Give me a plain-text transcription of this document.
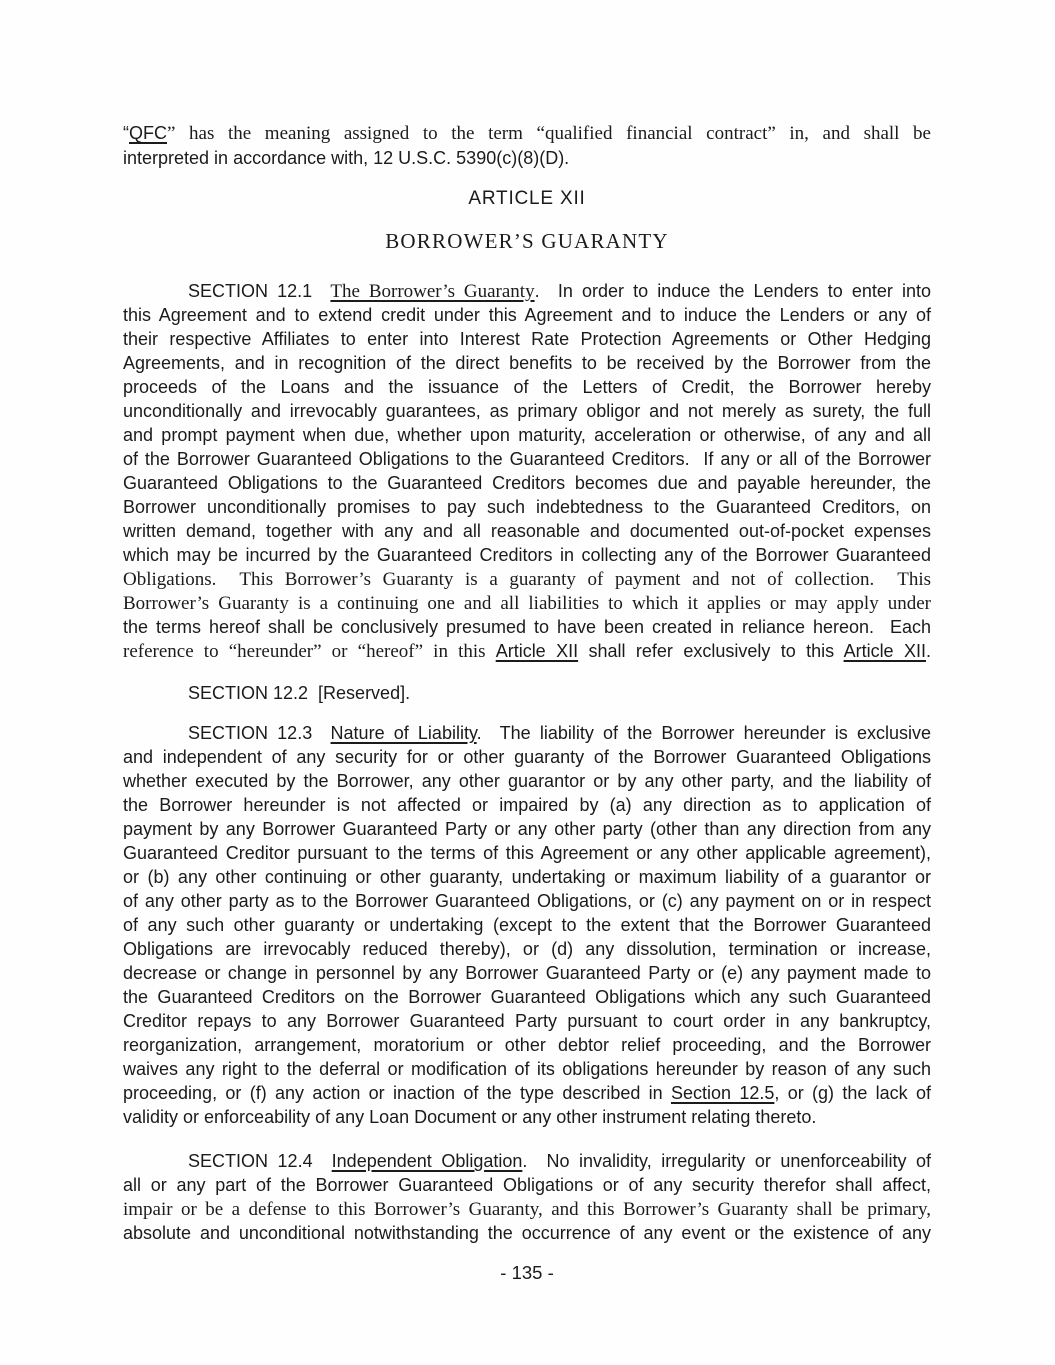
“QFC” has the meaning assigned to the term “qualified financial contract” in, and shall be
interpreted in accordance with, 12 U.S.C. 5390(c)(8)(D).
ARTICLE XII
BORROWER’S GUARANTY
SECTION 12.1  The Borrower’s Guaranty.  In order to induce the Lenders to enter into
this Agreement and to extend credit under this Agreement and to induce the Lenders or any of
their respective Affiliates to enter into Interest Rate Protection Agreements or Other Hedging
Agreements, and in recognition of the direct benefits to be received by the Borrower from the
proceeds of the Loans and the issuance of the Letters of Credit, the Borrower hereby
unconditionally and irrevocably guarantees, as primary obligor and not merely as surety, the full
and prompt payment when due, whether upon maturity, acceleration or otherwise, of any and all
of the Borrower Guaranteed Obligations to the Guaranteed Creditors.  If any or all of the Borrower
Guaranteed Obligations to the Guaranteed Creditors becomes due and payable hereunder, the
Borrower unconditionally promises to pay such indebtedness to the Guaranteed Creditors, on
written demand, together with any and all reasonable and documented out-of-pocket expenses
which may be incurred by the Guaranteed Creditors in collecting any of the Borrower Guaranteed
Obligations.  This Borrower’s Guaranty is a guaranty of payment and not of collection.  This
Borrower’s Guaranty is a continuing one and all liabilities to which it applies or may apply under
the terms hereof shall be conclusively presumed to have been created in reliance hereon.  Each
reference to “hereunder” or “hereof” in this Article XII shall refer exclusively to this Article XII.
SECTION 12.2  [Reserved].
SECTION 12.3  Nature of Liability.  The liability of the Borrower hereunder is exclusive
and independent of any security for or other guaranty of the Borrower Guaranteed Obligations
whether executed by the Borrower, any other guarantor or by any other party, and the liability of
the Borrower hereunder is not affected or impaired by (a) any direction as to application of
payment by any Borrower Guaranteed Party or any other party (other than any direction from any
Guaranteed Creditor pursuant to the terms of this Agreement or any other applicable agreement),
or (b) any other continuing or other guaranty, undertaking or maximum liability of a guarantor or
of any other party as to the Borrower Guaranteed Obligations, or (c) any payment on or in respect
of any such other guaranty or undertaking (except to the extent that the Borrower Guaranteed
Obligations are irrevocably reduced thereby), or (d) any dissolution, termination or increase,
decrease or change in personnel by any Borrower Guaranteed Party or (e) any payment made to
the Guaranteed Creditors on the Borrower Guaranteed Obligations which any such Guaranteed
Creditor repays to any Borrower Guaranteed Party pursuant to court order in any bankruptcy,
reorganization, arrangement, moratorium or other debtor relief proceeding, and the Borrower
waives any right to the deferral or modification of its obligations hereunder by reason of any such
proceeding, or (f) any action or inaction of the type described in Section 12.5, or (g) the lack of
validity or enforceability of any Loan Document or any other instrument relating thereto.
SECTION 12.4  Independent Obligation.  No invalidity, irregularity or unenforceability of
all or any part of the Borrower Guaranteed Obligations or of any security therefor shall affect,
impair or be a defense to this Borrower’s Guaranty, and this Borrower’s Guaranty shall be primary,
absolute and unconditional notwithstanding the occurrence of any event or the existence of any
- 135 -
